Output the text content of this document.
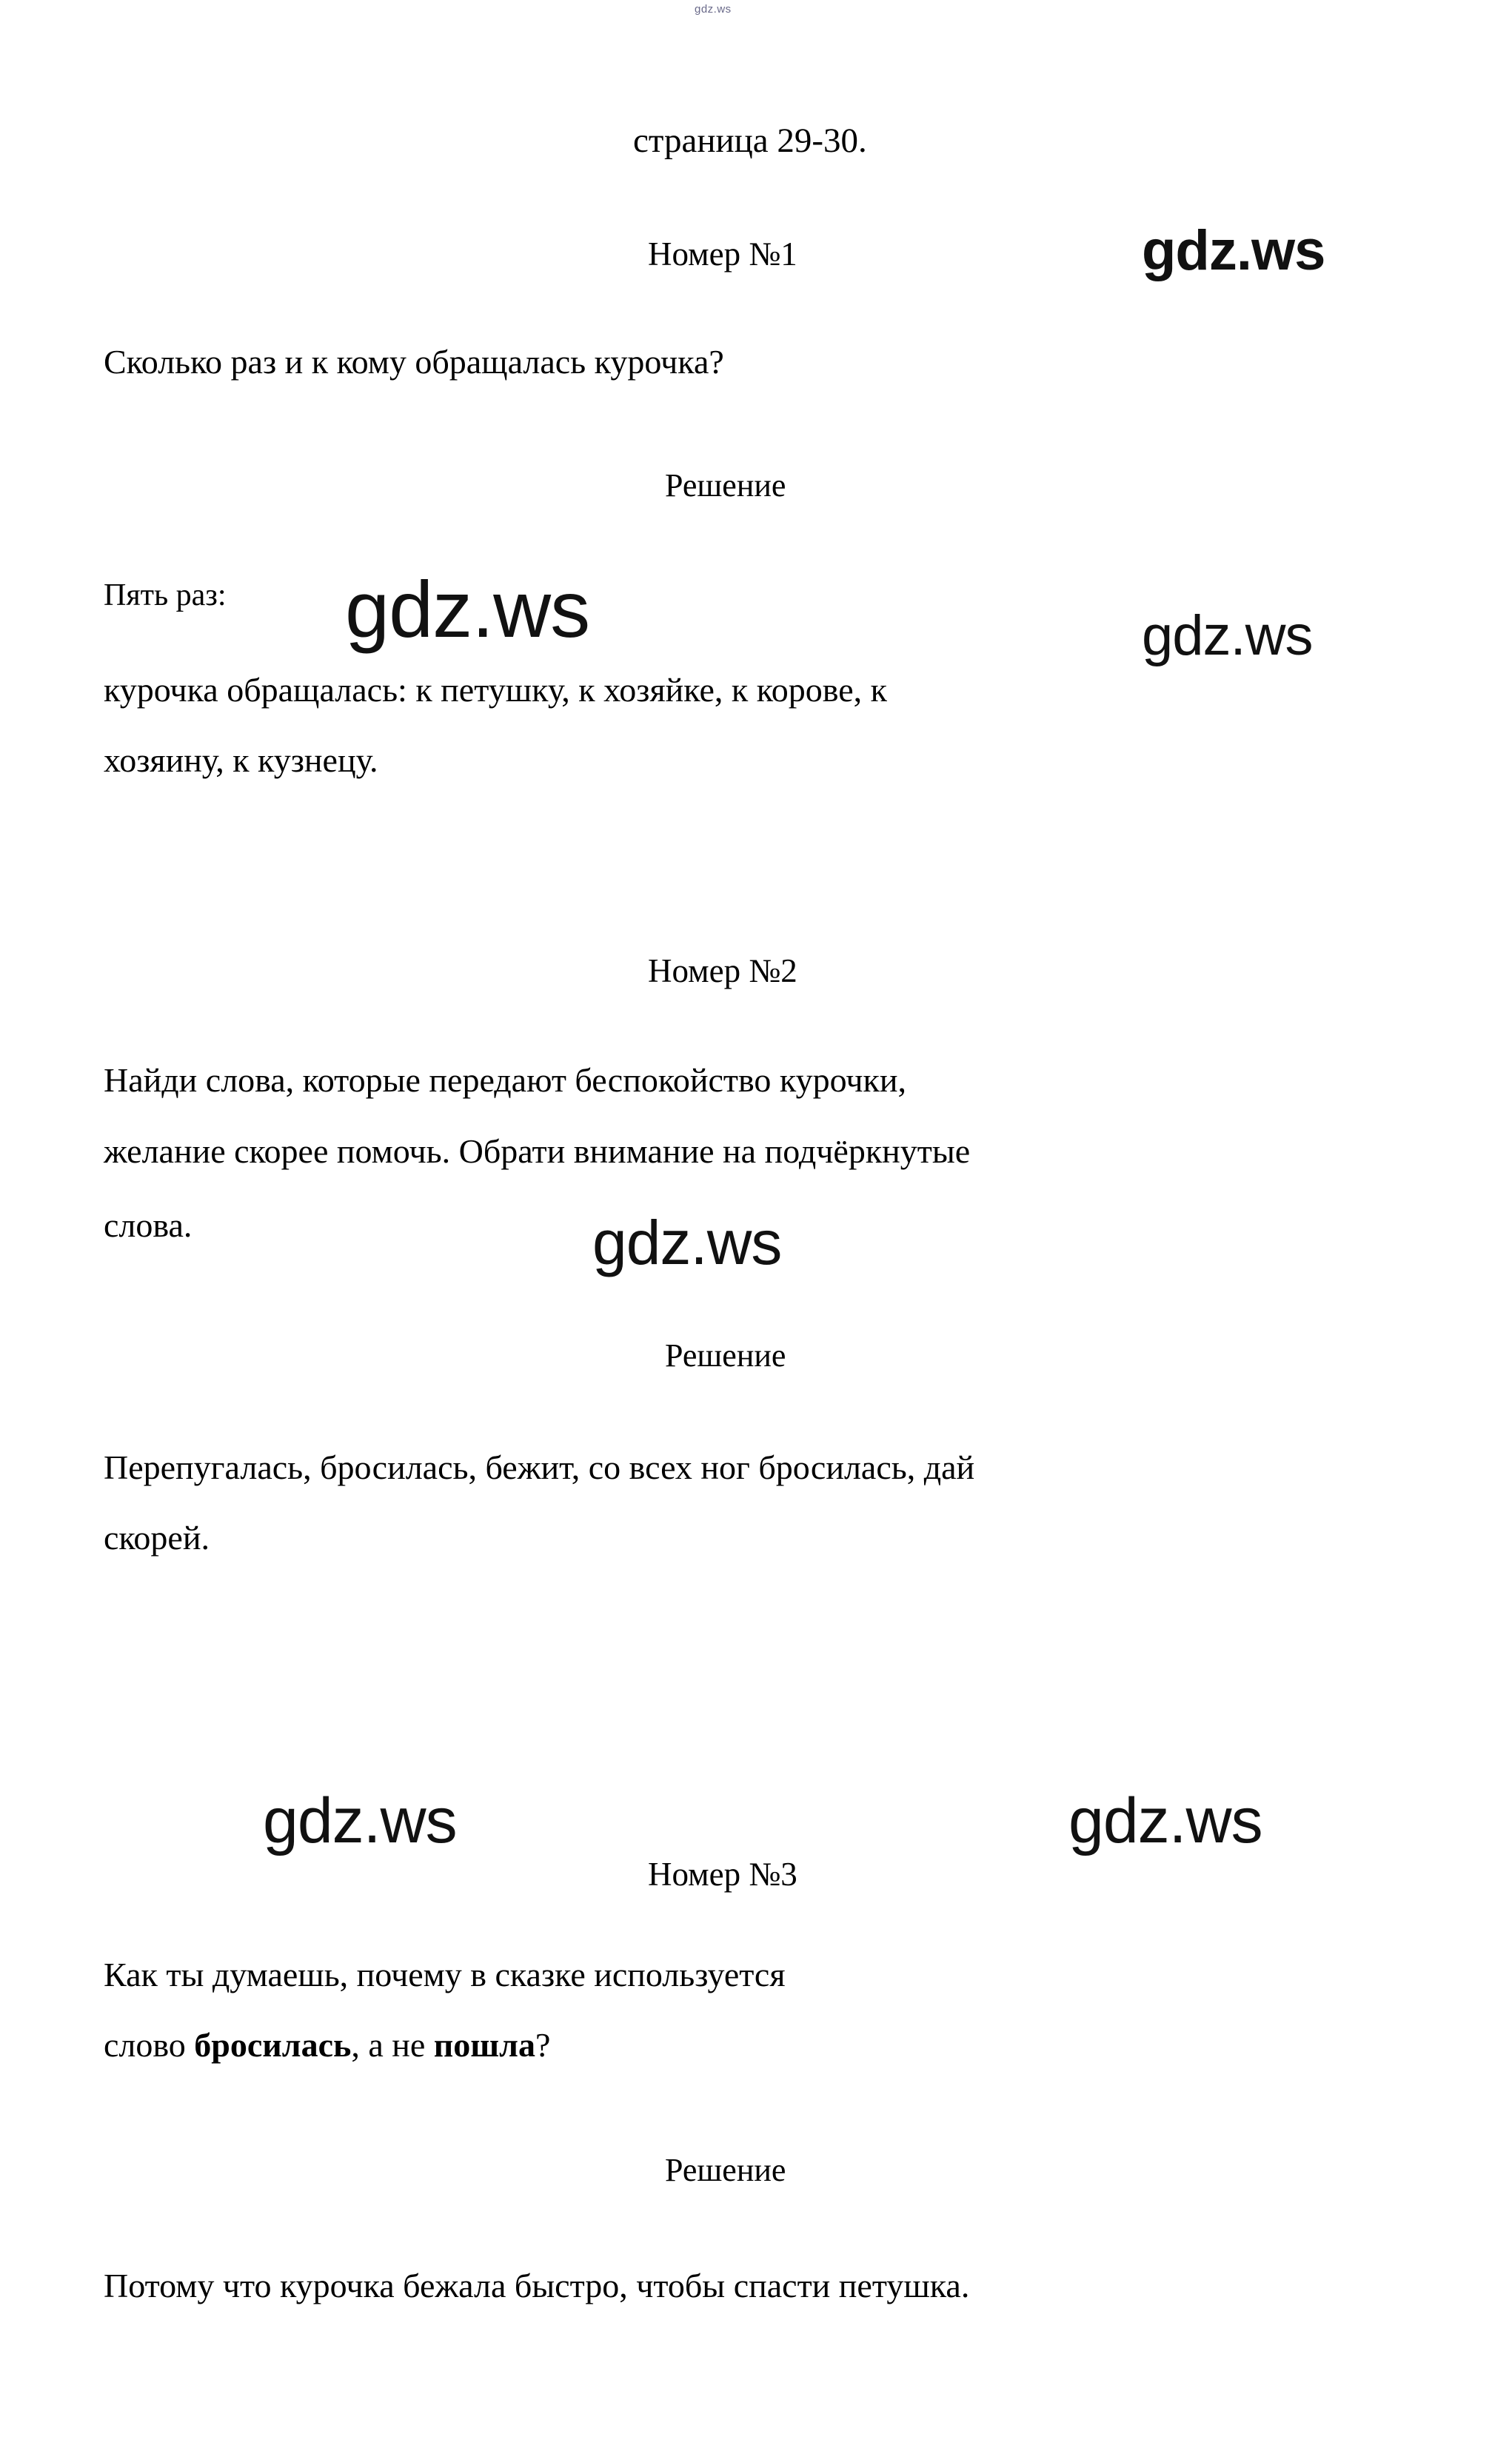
gdz.ws
gdz.ws
gdz.ws	gdz.ws
gdz.ws
gdz.ws	gdz.ws
страница 29-30.
Номер №1
Сколько раз и к кому обращалась курочка?
Решение
Пять раз:
курочка обращалась: к петушку, к хозяйке, к корове, к
хозяину, к кузнецу.
Номер №2
Найди слова, которые передают беспокойство курочки,
желание скорее помочь. Обрати внимание на подчёркнутые
слова.
Решение
Перепугалась, бросилась, бежит, со всех ног бросилась, дай
скорей.
Номер №3
Как ты думаешь, почему в сказке используется
слово бросилась, а не пошла?
Решение
Потому что курочка бежала быстро, чтобы спасти петушка.
